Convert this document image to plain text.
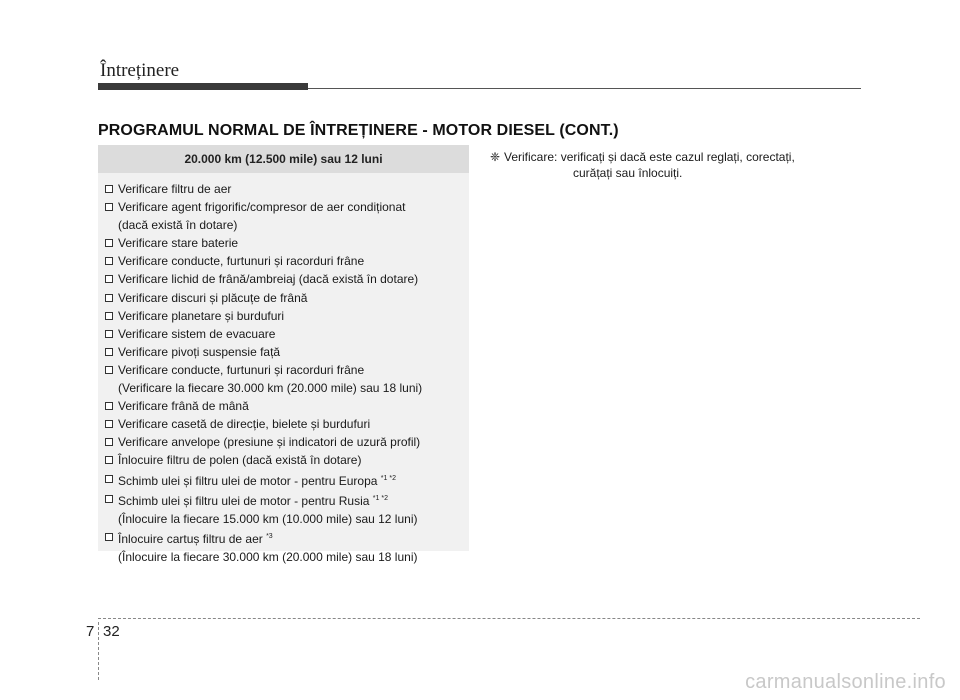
Întreținere
PROGRAMUL NORMAL DE ÎNTREȚINERE - MOTOR DIESEL (CONT.)
20.000 km (12.500 mile) sau 12 luni
Verificare filtru de aer
Verificare agent frigorific/compresor de aer condiționat
(dacă există în dotare)
Verificare stare baterie
Verificare conducte, furtunuri și racorduri frâne
Verificare lichid de frână/ambreiaj (dacă există în dotare)
Verificare discuri și plăcuțe de frână
Verificare planetare și burdufuri
Verificare sistem de evacuare
Verificare pivoți suspensie față
Verificare conducte, furtunuri și racorduri frâne
(Verificare la fiecare 30.000 km (20.000 mile) sau 18 luni)
Verificare frână de mână
Verificare casetă de direcție, bielete și burdufuri
Verificare anvelope (presiune și indicatori de uzură profil)
Înlocuire filtru de polen (dacă există în dotare)
Schimb ulei și filtru ulei de motor - pentru Europa $^{*1 *2}$
Schimb ulei și filtru ulei de motor - pentru Rusia $^{*1 *2}$
(Înlocuire la fiecare 15.000 km (10.000 mile) sau 12 luni)
Înlocuire cartuș filtru de aer $^{*3}$
(Înlocuire la fiecare 30.000 km (20.000 mile) sau 18 luni)
❈ Verificare: verificați și dacă este cazul reglați, corectați,
curățați sau înlocuiți.
7 32
carmanualsonline.info
